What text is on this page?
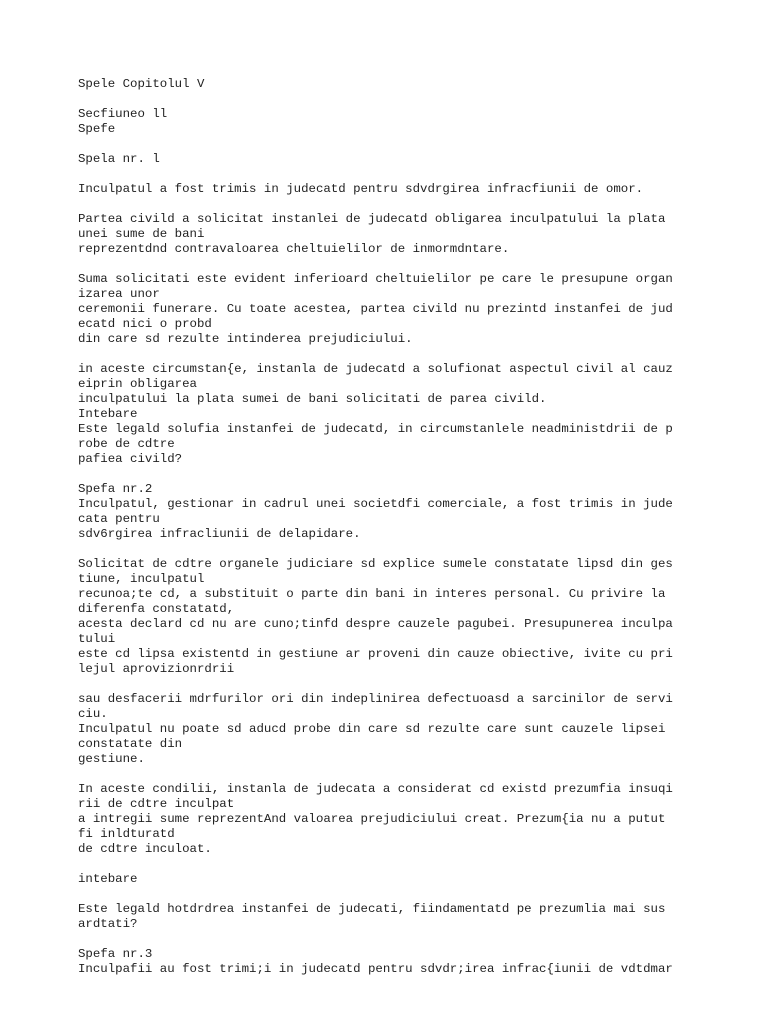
Spele Copitolul V
Secfiuneo ll
Spefe
Spela nr. l
Inculpatul a fost trimis in judecatd pentru sdvdrgirea infracfiunii de omor.
Partea civild a solicitat instanlei de judecatd obligarea inculpatului la plata
unei sume de bani
reprezentdnd contravaloarea cheltuielilor de inmormdntare.
Suma solicitati este evident inferioard cheltuielilor pe care le presupune organ
izarea unor
ceremonii funerare. Cu toate acestea, partea civild nu prezintd instanfei de jud
ecatd nici o probd
din care sd rezulte intinderea prejudiciului.
in aceste circumstan{e, instanla de judecatd a solufionat aspectul civil al cauz
eiprin obligarea
inculpatului la plata sumei de bani solicitati de parea civild.
Intebare
Este legald solufia instanfei de judecatd, in circumstanlele neadministdrii de p
robe de cdtre
pafiea civild?
Spefa nr.2
Inculpatul, gestionar in cadrul unei societdfi comerciale, a fost trimis in jude
cata pentru
sdv6rgirea infracliunii de delapidare.
Solicitat de cdtre organele judiciare sd explice sumele constatate lipsd din ges
tiune, inculpatul
recunoa;te cd, a substituit o parte din bani in interes personal. Cu privire la
diferenfa constatatd,
acesta declard cd nu are cuno;tinfd despre cauzele pagubei. Presupunerea inculpa
tului
este cd lipsa existentd in gestiune ar proveni din cauze obiective, ivite cu pri
lejul aprovizionrdrii
sau desfacerii mdrfurilor ori din indeplinirea defectuoasd a sarcinilor de servi
ciu.
Inculpatul nu poate sd aducd probe din care sd rezulte care sunt cauzele lipsei
constatate din
gestiune.
In aceste condilii, instanla de judecata a considerat cd existd prezumfia insuqi
rii de cdtre inculpat
a intregii sume reprezentAnd valoarea prejudiciului creat. Prezum{ia nu a putut
fi inldturatd
de cdtre inculoat.
intebare
Este legald hotdrdrea instanfei de judecati, fiindamentatd pe prezumlia mai sus
ardtati?
Spefa nr.3
Inculpafii au fost trimi;i in judecatd pentru sdvdr;irea infrac{iunii de vdtdmar
